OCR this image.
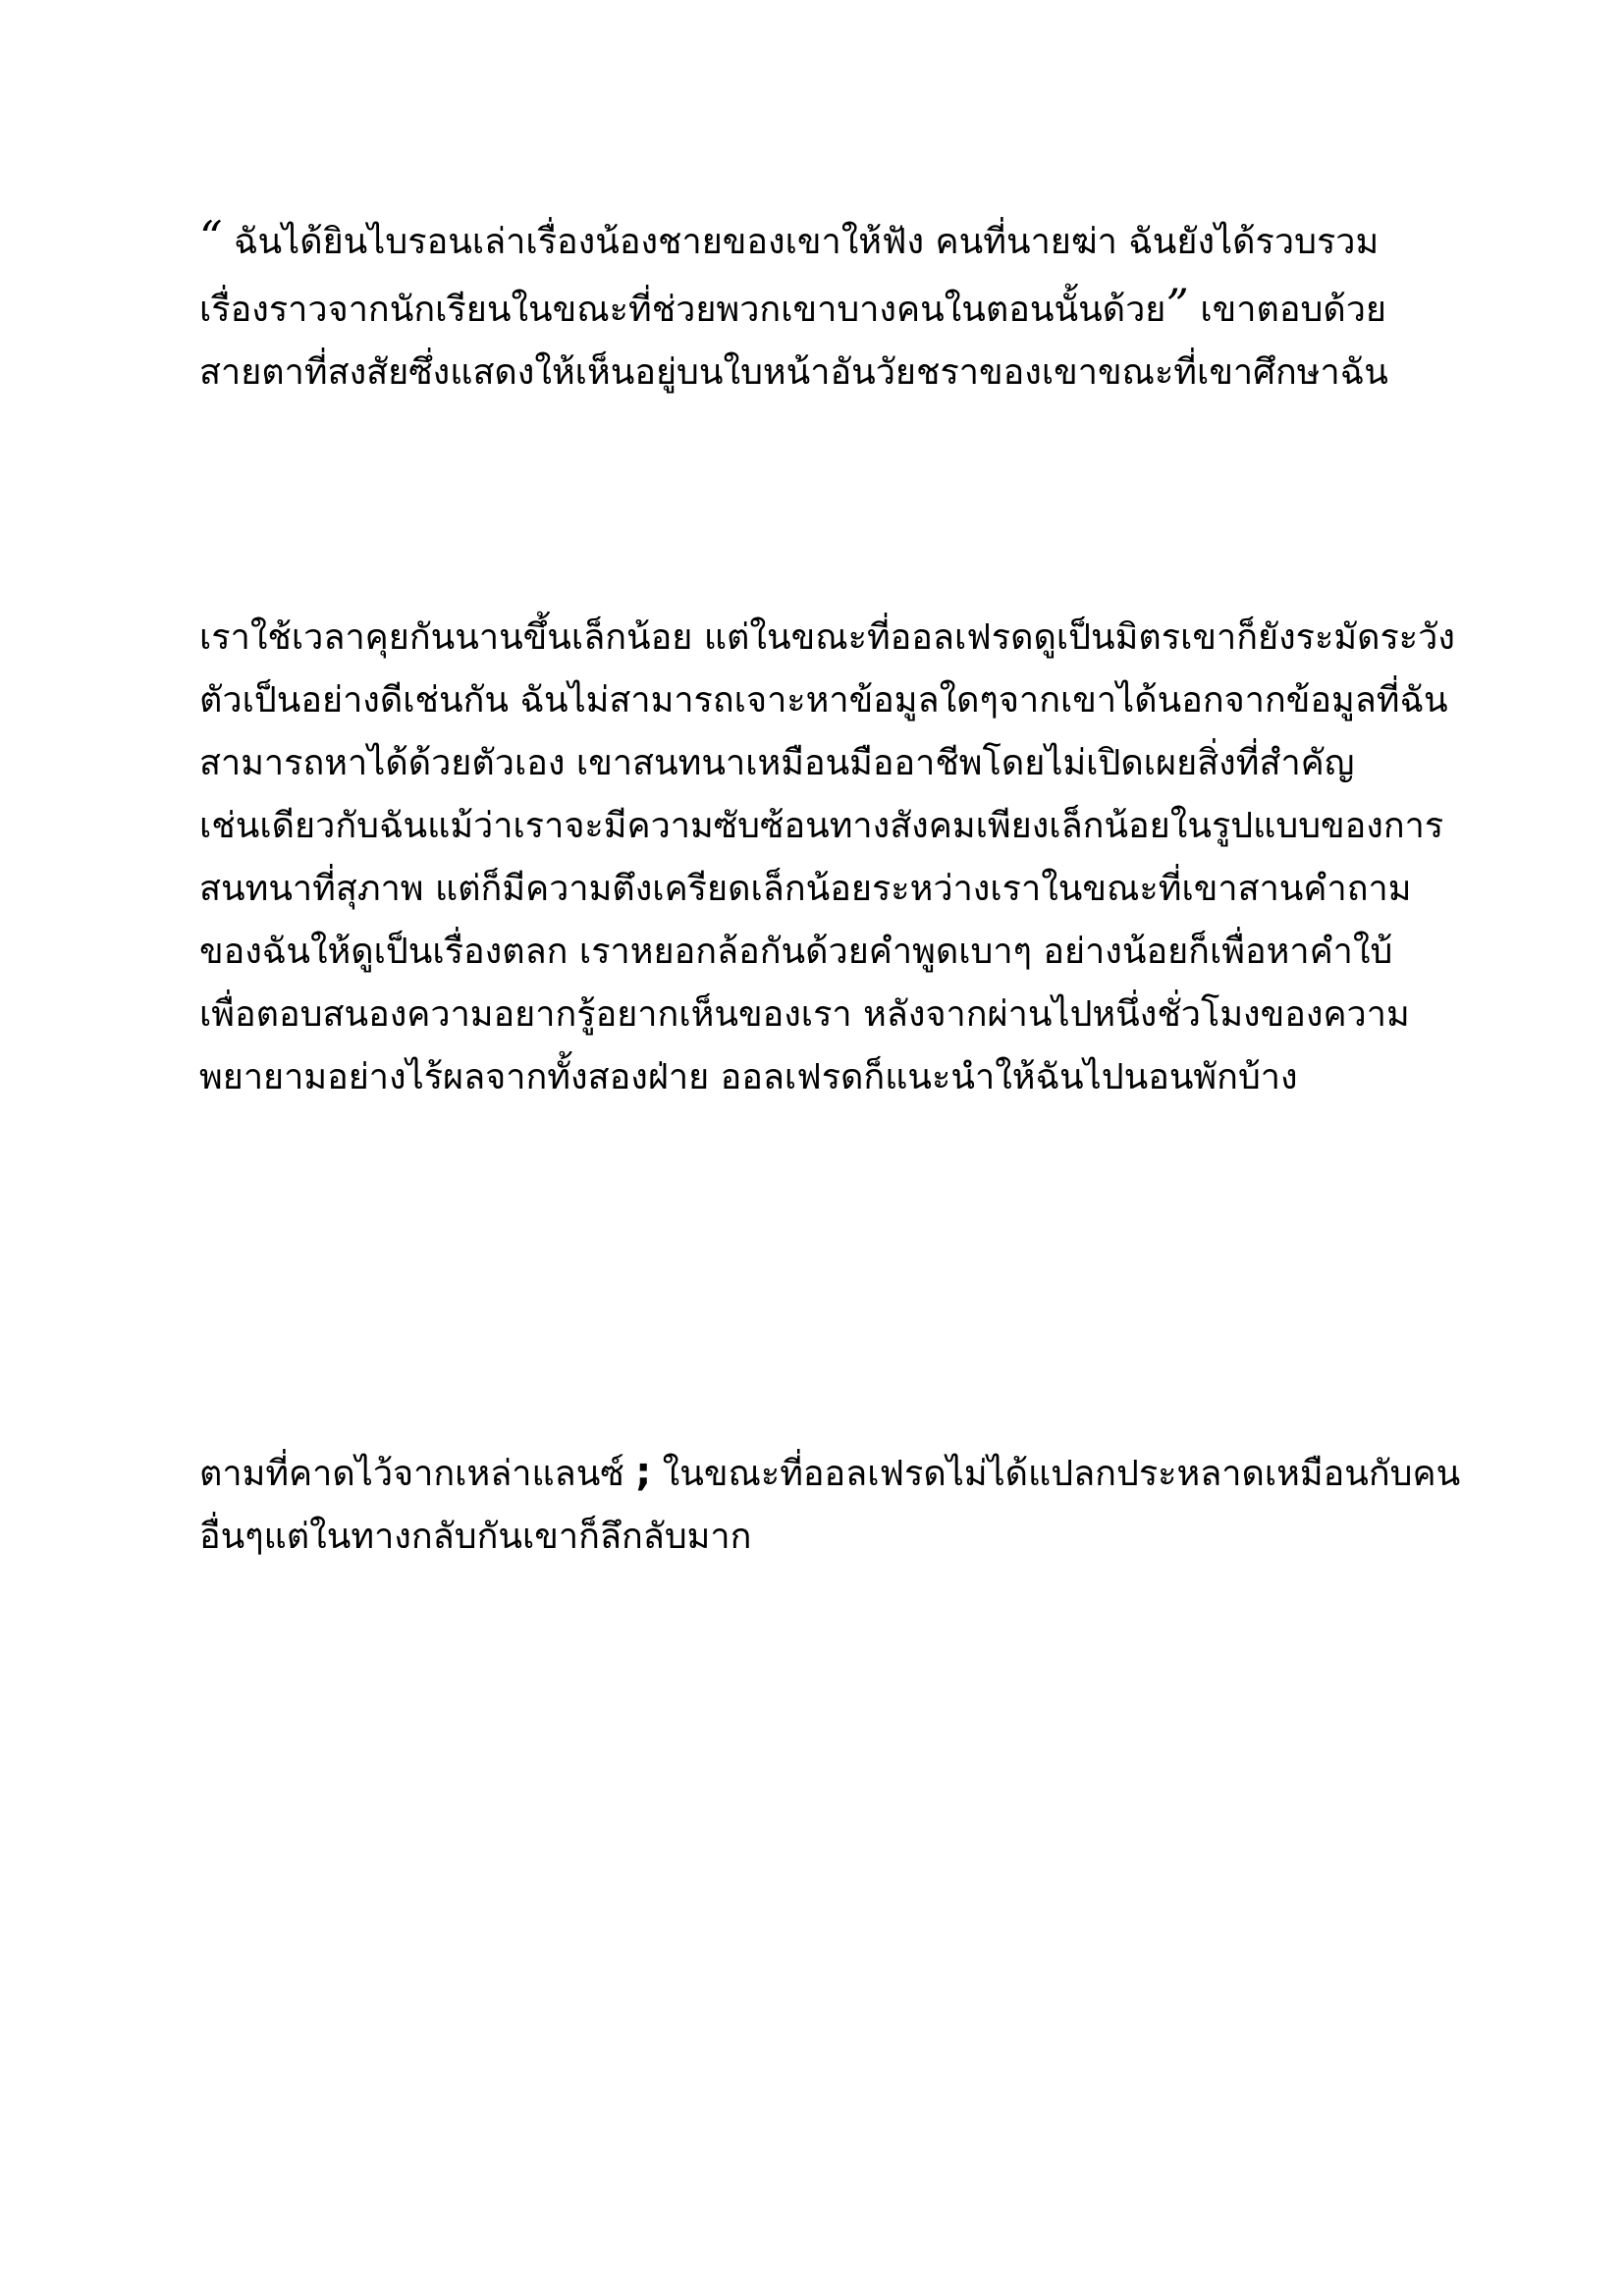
“ ฉันได้ยินไบรอนเล่าเรื่องน้องชายของเขาให้ฟัง คนที่นายฆ่า ฉันยังได้รวบรวม
เรื่องราวจากนักเรียนในขณะที่ช่วยพวกเขาบางคนในตอนนั้นด้วย” เขาตอบด้วย
สายตาที่สงสัยซึ่งแสดงให้เห็นอยู่บนใบหน้าอันวัยชราของเขาขณะที่เขาศึกษาฉัน
เราใช้เวลาคุยกันนานขึ้นเล็กน้อย แต่ในขณะที่ออลเฟรดดูเป็นมิตรเขาก็ยังระมัดระวัง
ตัวเป็นอย่างดีเช่นกัน ฉันไม่สามารถเจาะหาข้อมูลใดๆจากเขาได้นอกจากข้อมูลที่ฉัน
สามารถหาได้ด้วยตัวเอง เขาสนทนาเหมือนมืออาชีพโดยไม่เปิดเผยสิ่งที่สำคัญ
เช่นเดียวกับฉันแม้ว่าเราจะมีความซับซ้อนทางสังคมเพียงเล็กน้อยในรูปแบบของการ
สนทนาที่สุภาพ แต่ก็มีความตึงเครียดเล็กน้อยระหว่างเราในขณะที่เขาสานคำถาม
ของฉันให้ดูเป็นเรื่องตลก เราหยอกล้อกันด้วยคำพูดเบาๆ อย่างน้อยก็เพื่อหาคำใบ้
เพื่อตอบสนองความอยากรู้อยากเห็นของเรา หลังจากผ่านไปหนึ่งชั่วโมงของความ
พยายามอย่างไร้ผลจากทั้งสองฝ่าย ออลเฟรดก็แนะนำให้ฉันไปนอนพักบ้าง
ตามที่คาดไว้จากเหล่าแลนซ์ ; ในขณะที่ออลเฟรดไม่ได้แปลกประหลาดเหมือนกับคน
อื่นๆแต่ในทางกลับกันเขาก็ลึกลับมาก
